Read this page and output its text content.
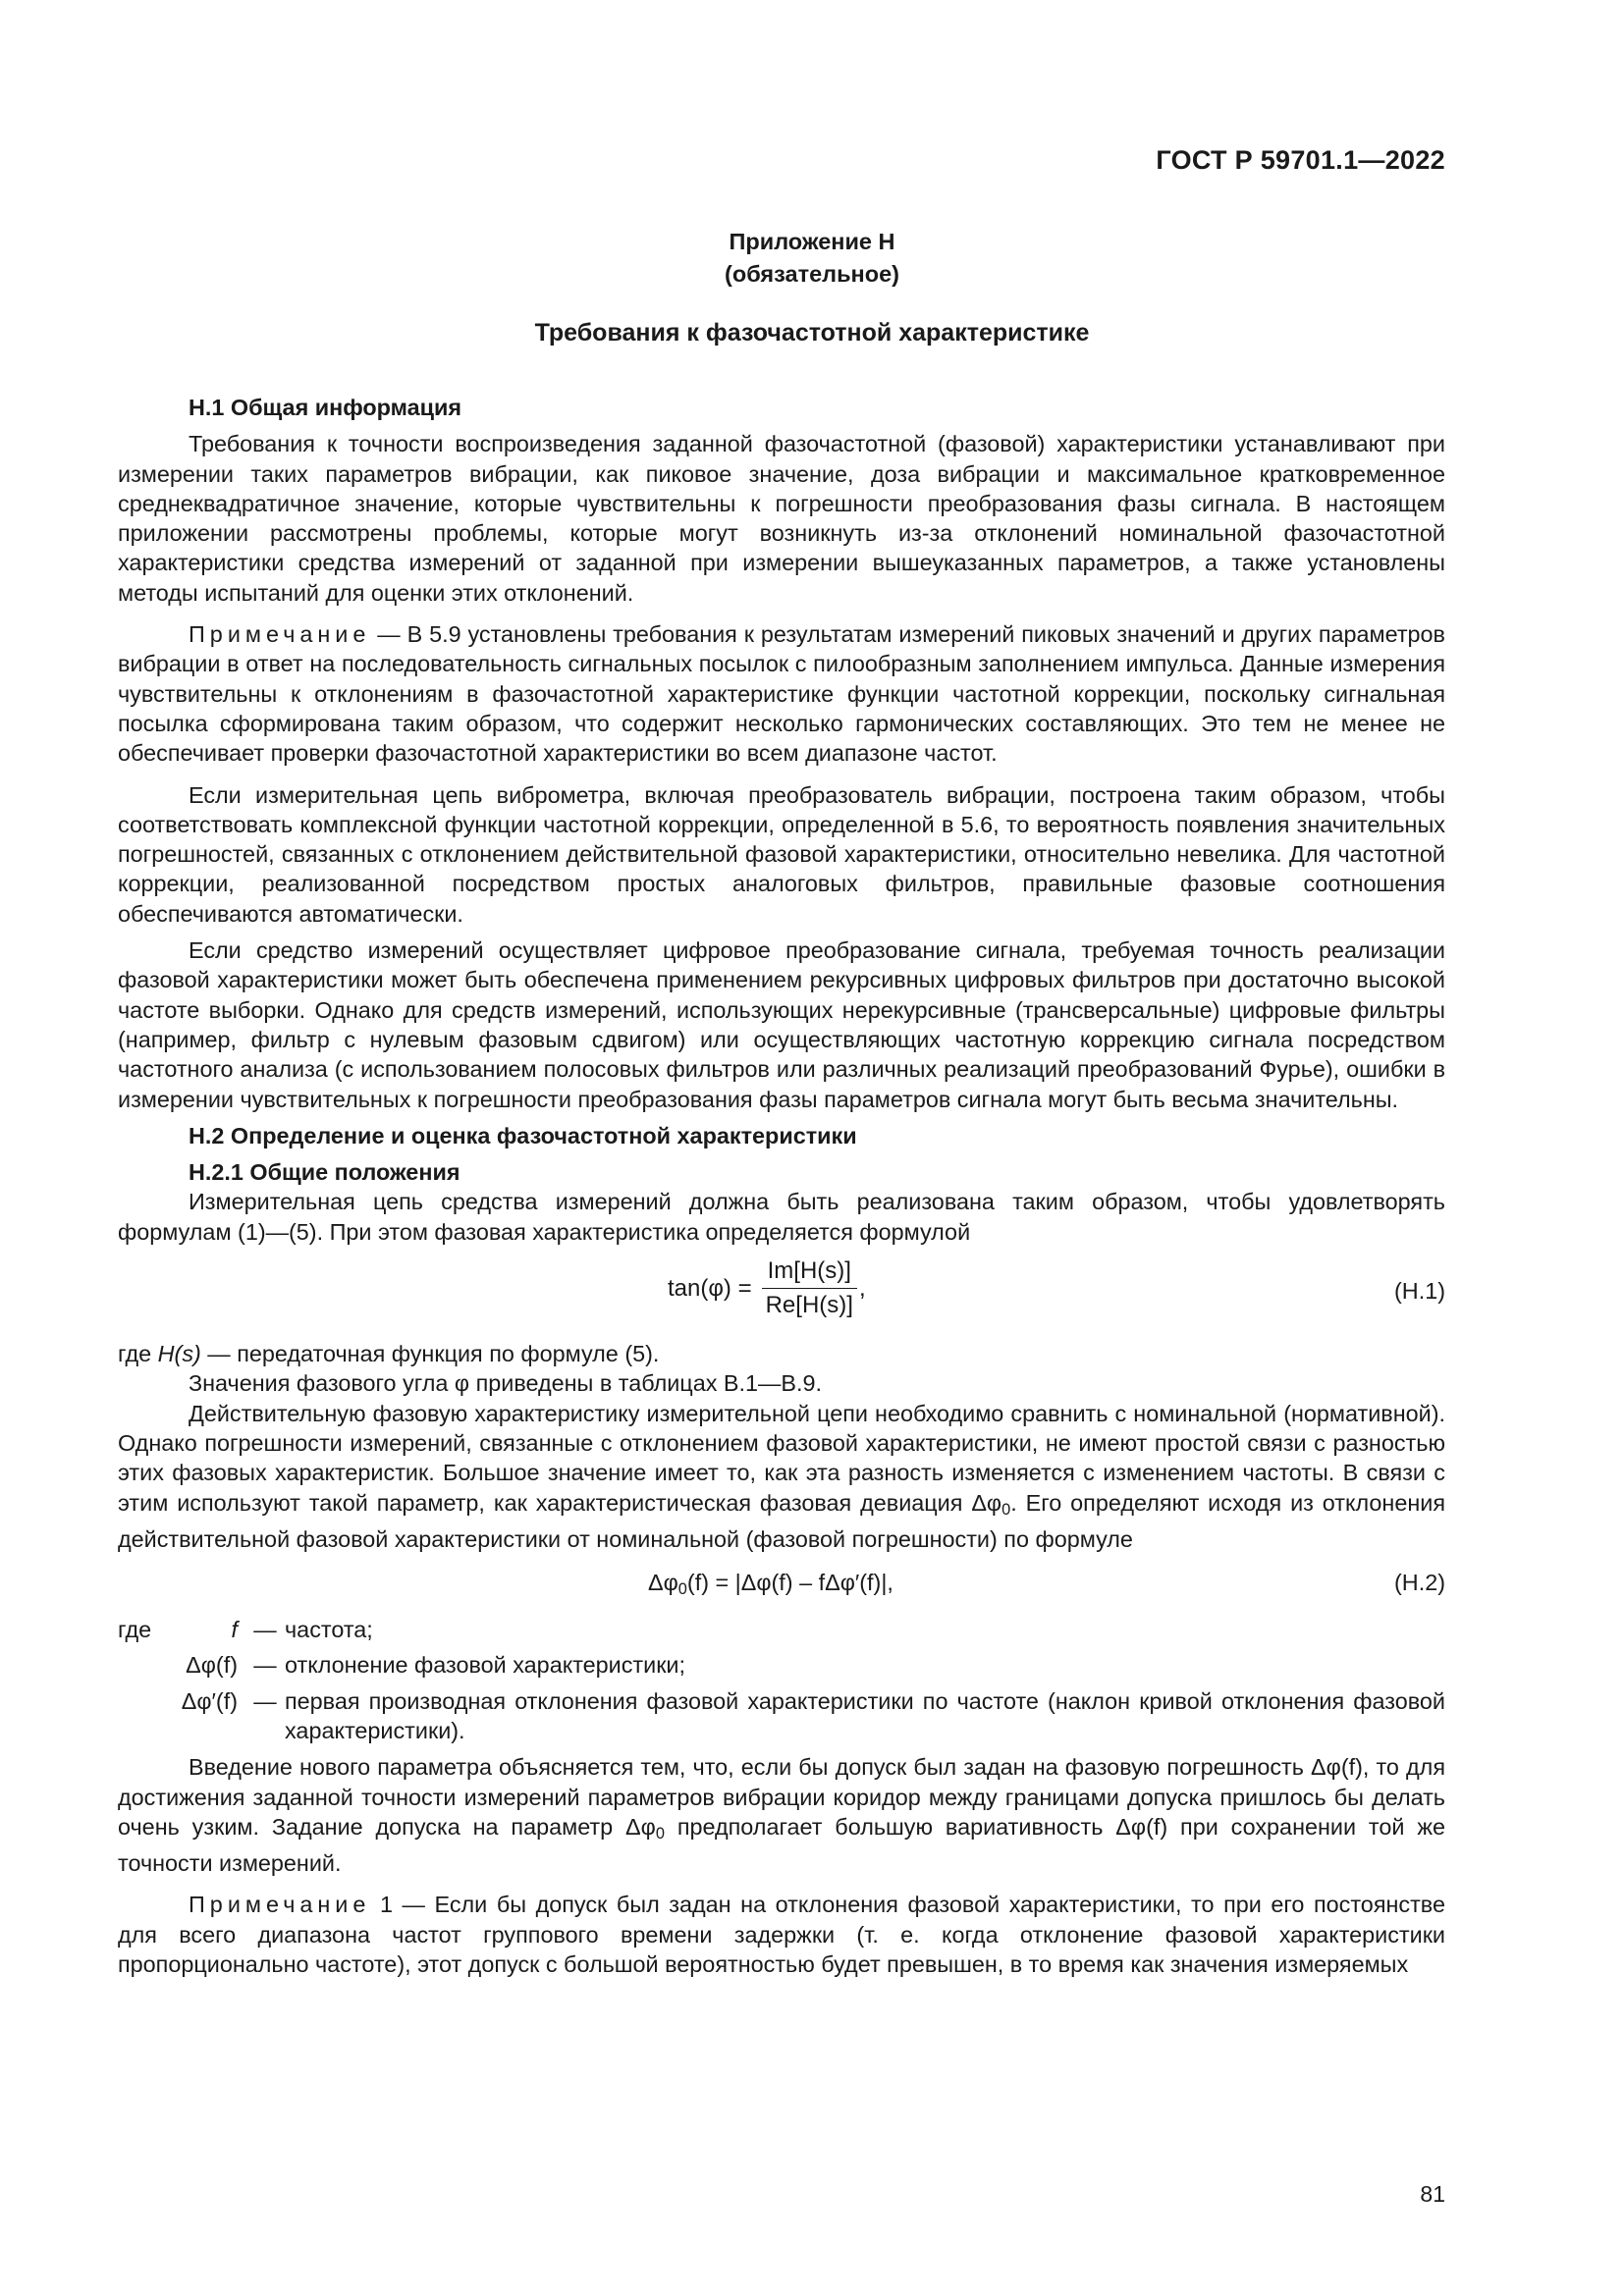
ГОСТ Р 59701.1—2022
Приложение Н
(обязательное)
Требования к фазочастотной характеристике
Н.1 Общая информация

Требования к точности воспроизведения заданной фазочастотной (фазовой) характеристики устанавливают при измерении таких параметров вибрации, как пиковое значение, доза вибрации и максимальное кратковременное среднеквадратичное значение, которые чувствительны к погрешности преобразования фазы сигнала. В настоящем приложении рассмотрены проблемы, которые могут возникнуть из-за отклонений номинальной фазочастотной характеристики средства измерений от заданной при измерении вышеуказанных параметров, а также установлены методы испытаний для оценки этих отклонений.

Примечание — В 5.9 установлены требования к результатам измерений пиковых значений и других параметров вибрации в ответ на последовательность сигнальных посылок с пилообразным заполнением импульса. Данные измерения чувствительны к отклонениям в фазочастотной характеристике функции частотной коррекции, поскольку сигнальная посылка сформирована таким образом, что содержит несколько гармонических составляющих. Это тем не менее не обеспечивает проверки фазочастотной характеристики во всем диапазоне частот.

Если измерительная цепь виброметра, включая преобразователь вибрации, построена таким образом, чтобы соответствовать комплексной функции частотной коррекции, определенной в 5.6, то вероятность появления значительных погрешностей, связанных с отклонением действительной фазовой характеристики, относительно невелика. Для частотной коррекции, реализованной посредством простых аналоговых фильтров, правильные фазовые соотношения обеспечиваются автоматически.

Если средство измерений осуществляет цифровое преобразование сигнала, требуемая точность реализации фазовой характеристики может быть обеспечена применением рекурсивных цифровых фильтров при достаточно высокой частоте выборки. Однако для средств измерений, использующих нерекурсивные (трансверсальные) цифровые фильтры (например, фильтр с нулевым фазовым сдвигом) или осуществляющих частотную коррекцию сигнала посредством частотного анализа (с использованием полосовых фильтров или различных реализаций преобразований Фурье), ошибки в измерении чувствительных к погрешности преобразования фазы параметров сигнала могут быть весьма значительны.

Н.2 Определение и оценка фазочастотной характеристики
Н.2.1 Общие положения

Измерительная цепь средства измерений должна быть реализована таким образом, чтобы удовлетворять формулам (1)—(5). При этом фазовая характеристика определяется формулой

$\tan(\varphi) = \frac{Im[H(s)]}{Re[H(s)]}$ ,	(Н.1)

где H(s) — передаточная функция по формуле (5).

Значения фазового угла φ приведены в таблицах В.1—В.9.

Действительную фазовую характеристику измерительной цепи необходимо сравнить с номинальной (нормативной). Однако погрешности измерений, связанные с отклонением фазовой характеристики, не имеют простой связи с разностью этих фазовых характеристик. Большое значение имеет то, как эта разность изменяется с изменением частоты. В связи с этим используют такой параметр, как характеристическая фазовая девиация $\Delta\varphi_0$. Его определяют исходя из отклонения действительной фазовой характеристики от номинальной (фазовой погрешности) по формуле

$\Delta\varphi_0(f) = |\Delta\varphi(f) - f\Delta\varphi'(f)|$,	(Н.2)
где	f — частота;
Δφ(f) — отклонение фазовой характеристики;
Δφ′(f) — первая производная отклонения фазовой характеристики по частоте (наклон кривой отклонения фазовой характеристики).

Введение нового параметра объясняется тем, что, если бы допуск был задан на фазовую погрешность Δφ(f), то для достижения заданной точности измерений параметров вибрации коридор между границами допуска пришлось бы делать очень узким. Задание допуска на параметр $\Delta\varphi_0$ предполагает большую вариативность Δφ(f) при сохранении той же точности измерений.

Примечание 1 — Если бы допуск был задан на отклонения фазовой характеристики, то при его постоянстве для всего диапазона частот группового времени задержки (т. е. когда отклонение фазовой характеристики пропорционально частоте), этот допуск с большой вероятностью будет превышен, в то время как значения измеряемых

81
